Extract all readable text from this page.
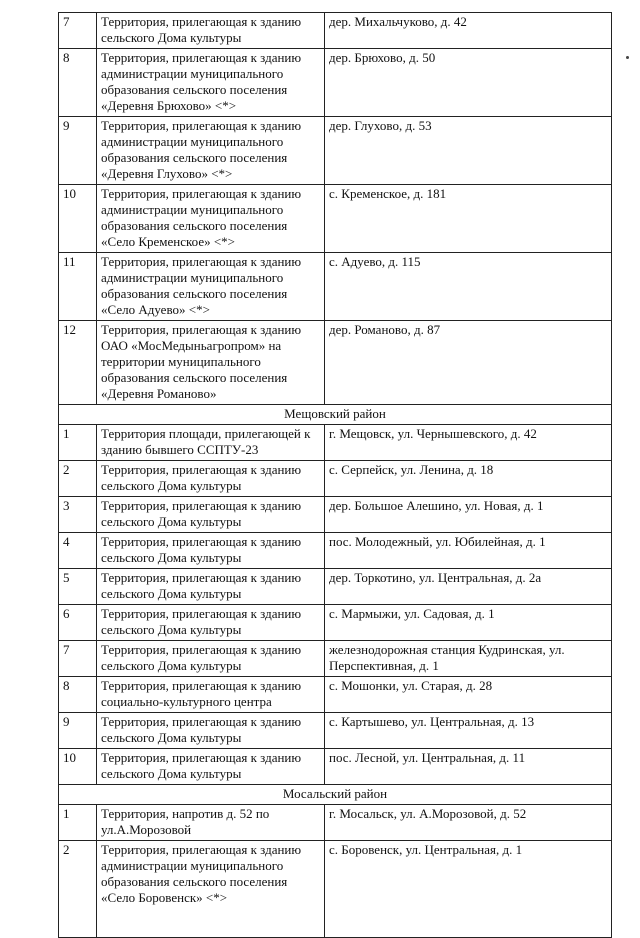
7	Территория, прилегающая к зданию сельского Дома культуры	дер. Михальчуково, д. 42
8	Территория, прилегающая к зданию администрации муниципального образования сельского поселения «Деревня Брюхово» <*>	дер. Брюхово, д. 50
9	Территория, прилегающая к зданию администрации муниципального образования сельского поселения «Деревня Глухово» <*>	дер. Глухово, д. 53
10	Территория, прилегающая к зданию администрации муниципального образования сельского поселения «Село Кременское» <*>	с. Кременское, д. 181
11	Территория, прилегающая к зданию администрации муниципального образования сельского поселения «Село Адуево» <*>	с. Адуево, д. 115
12	Территория, прилегающая к зданию ОАО «МосМедыньагропром» на территории муниципального образования сельского поселения «Деревня Романово»	дер. Романово, д. 87
Мещовский район		
1	Территория площади, прилегающей к зданию бывшего ССПТУ-23	г. Мещовск, ул. Чернышевского, д. 42
2	Территория, прилегающая к зданию сельского Дома культуры	с. Серпейск, ул. Ленина, д. 18
3	Территория, прилегающая к зданию сельского Дома культуры	дер. Большое Алешино, ул. Новая, д. 1
4	Территория, прилегающая к зданию сельского Дома культуры	пос. Молодежный, ул. Юбилейная, д. 1
5	Территория, прилегающая к зданию сельского Дома культуры	дер. Торкотино, ул. Центральная, д. 2а
6	Территория, прилегающая к зданию сельского Дома культуры	с. Мармыжи, ул. Садовая, д. 1
7	Территория, прилегающая к зданию сельского Дома культуры	железнодорожная станция Кудринская, ул. Перспективная, д. 1
8	Территория, прилегающая к зданию социально-культурного центра	с. Мошонки, ул. Старая, д. 28
9	Территория, прилегающая к зданию сельского Дома культуры	с. Картышево, ул. Центральная, д. 13
10	Территория, прилегающая к зданию сельского Дома культуры	пос. Лесной, ул. Центральная, д. 11
Мосальский район		
1	Территория, напротив д. 52 по ул.А.Морозовой	г. Мосальск, ул. А.Морозовой, д. 52
2	Территория, прилегающая к зданию администрации муниципального образования сельского поселения «Село Боровенск» <*>	с. Боровенск, ул. Центральная, д. 1
